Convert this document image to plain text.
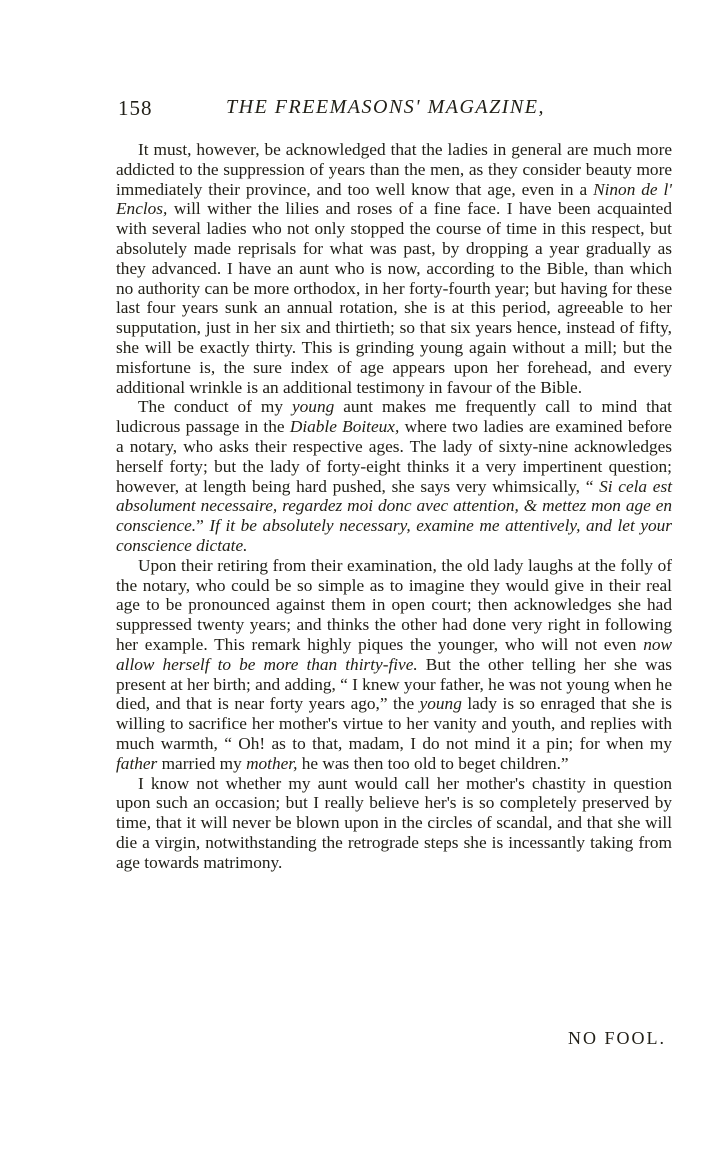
158	THE FREEMASONS' MAGAZINE,

It must, however, be acknowledged that the ladies in general are much more addicted to the suppression of years than the men, as they consider beauty more immediately their province, and too well know that age, even in a Ninon de l' Enclos, will wither the lilies and roses of a fine face. I have been acquainted with several ladies who not only stopped the course of time in this respect, but absolutely made reprisals for what was past, by dropping a year gradually as they advanced. I have an aunt who is now, according to the Bible, than which no authority can be more orthodox, in her forty-fourth year; but having for these last four years sunk an annual rotation, she is at this period, agreeable to her supputation, just in her six and thirtieth; so that six years hence, instead of fifty, she will be exactly thirty. This is grinding young again without a mill; but the misfortune is, the sure index of age appears upon her forehead, and every additional wrinkle is an additional testimony in favour of the Bible.

The conduct of my young aunt makes me frequently call to mind that ludicrous passage in the Diable Boiteux, where two ladies are examined before a notary, who asks their respective ages. The lady of sixty-nine acknowledges herself forty; but the lady of forty-eight thinks it a very impertinent question; however, at length being hard pushed, she says very whimsically, “ Si cela est absolument necessaire, regardez moi donc avec attention, & mettez mon age en conscience.” If it be absolutely necessary, examine me attentively, and let your conscience dictate.

Upon their retiring from their examination, the old lady laughs at the folly of the notary, who could be so simple as to imagine they would give in their real age to be pronounced against them in open court; then acknowledges she had suppressed twenty years; and thinks the other had done very right in following her example. This remark highly piques the younger, who will not even now allow herself to be more than thirty-five. But the other telling her she was present at her birth; and adding, “ I knew your father, he was not young when he died, and that is near forty years ago,” the young lady is so enraged that she is willing to sacrifice her mother's virtue to her vanity and youth, and replies with much warmth, “ Oh! as to that, madam, I do not mind it a pin; for when my father married my mother, he was then too old to beget children.”

I know not whether my aunt would call her mother's chastity in question upon such an occasion; but I really believe her's is so completely preserved by time, that it will never be blown upon in the circles of scandal, and that she will die a virgin, notwithstanding the retrograde steps she is incessantly taking from age towards matrimony.

NO FOOL.
